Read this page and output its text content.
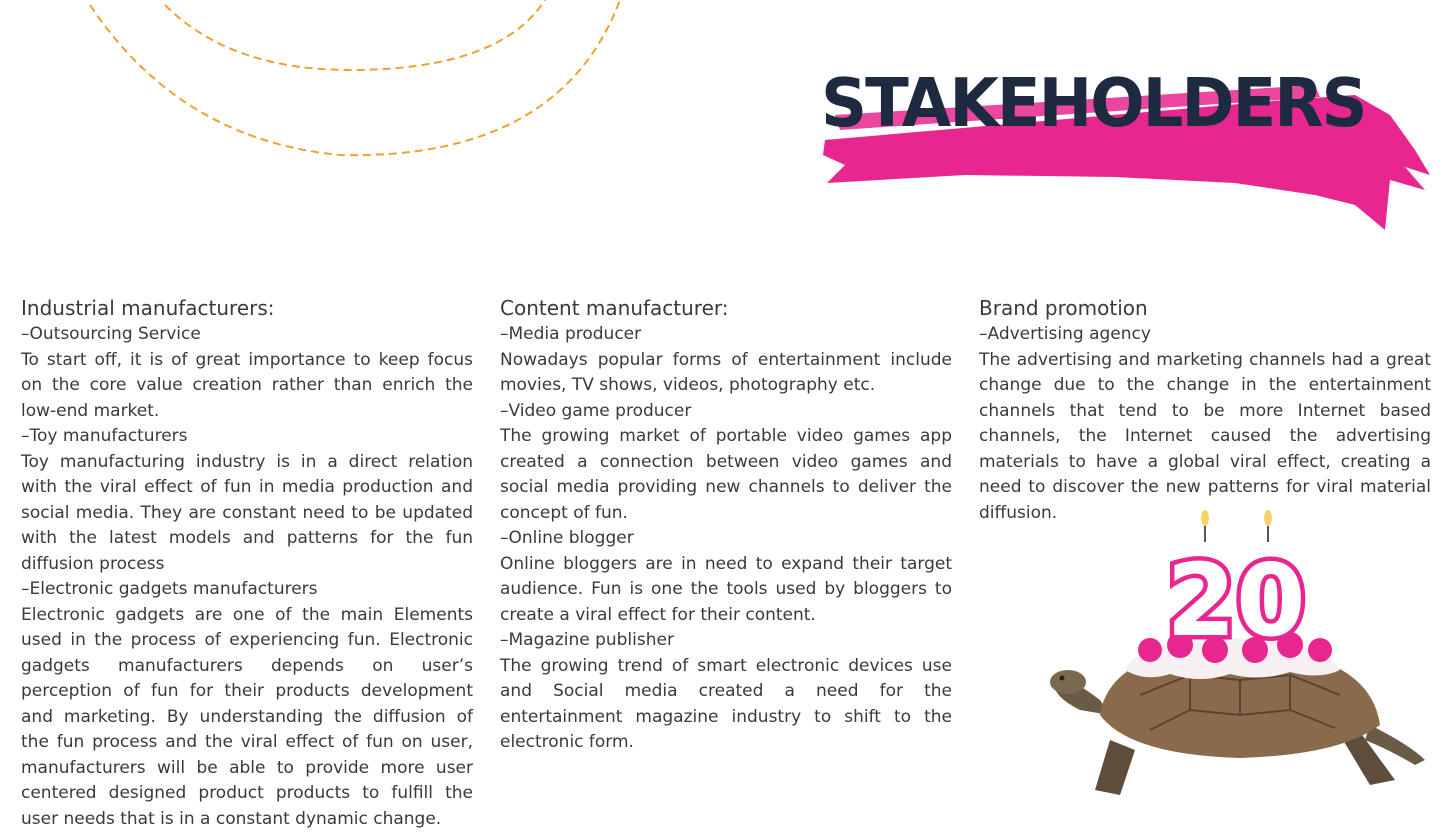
STAKEHOLDERS
Industrial manufacturers:
–Outsourcing Service
To start off, it is of great importance to keep focus on the core value creation rather than enrich the low-end market.
–Toy manufacturers
Toy manufacturing industry is in a direct relation with the viral effect of fun in media production and social media. They are constant need to be updated with the latest models and patterns for the fun diffusion process
–Electronic gadgets manufacturers
Electronic gadgets are one of the main Elements used in the process of experiencing fun. Electronic gadgets manufacturers depends on user’s perception of fun for their products development and marketing. By understanding the diffusion of the fun process and the viral effect of fun on user, manufacturers will be able to provide more user centered designed product products to fulfill the user needs that is in a constant dynamic change.
Content manufacturer:
–Media producer
Nowadays popular forms of entertainment include movies, TV shows, videos, photography etc.
–Video game producer
The growing market of portable video games app created a connection between video games and social media providing new channels to deliver the concept of fun.
–Online blogger
Online bloggers are in need to expand their target audience. Fun is one the tools used by bloggers to create a viral effect for their content.
–Magazine publisher
The growing trend of smart electronic devices use and Social media created a need for the entertainment magazine industry to shift to the electronic form.
Brand promotion
–Advertising agency
The advertising and marketing channels had a great change due to the change in the entertainment channels that tend to be more Internet based channels, the Internet caused the advertising materials to have a global viral effect, creating a need to discover the new patterns for viral material diffusion.
20
